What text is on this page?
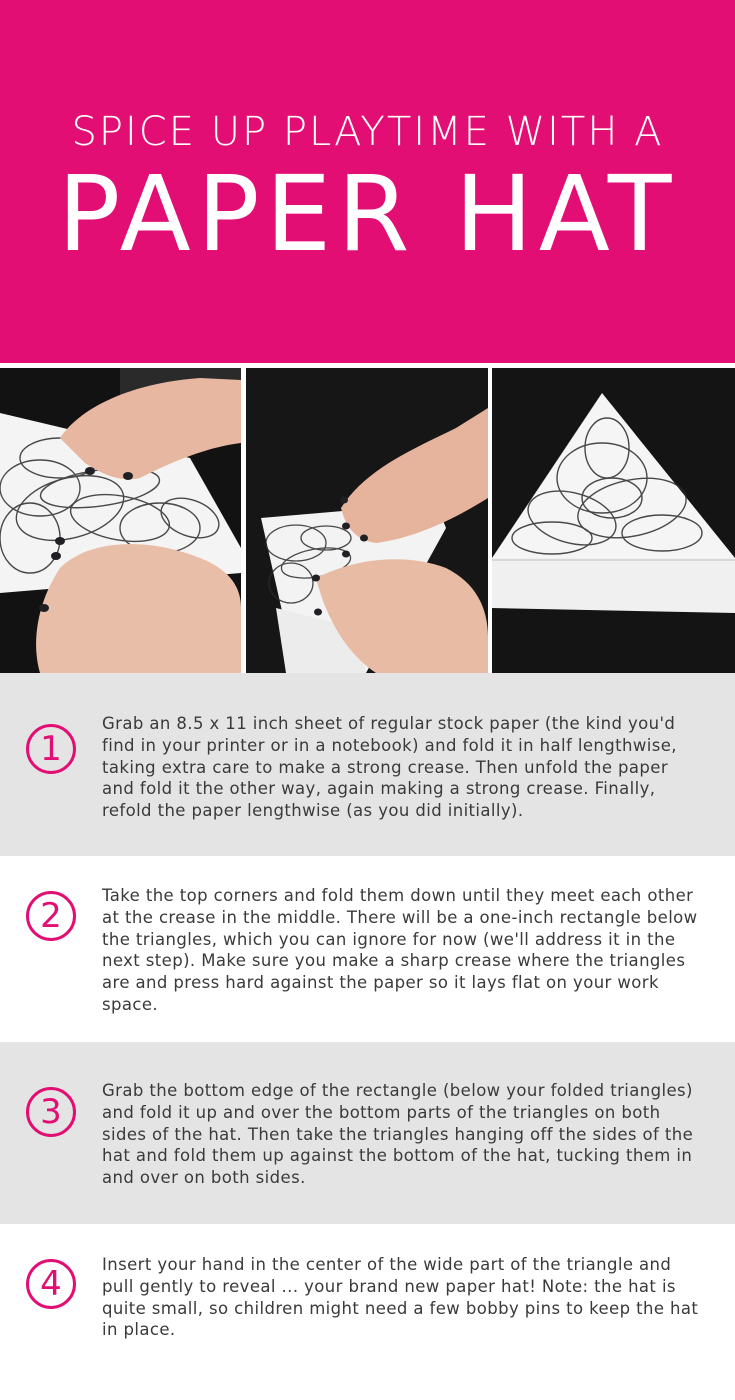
SPICE UP PLAYTIME WITH A
PAPER HAT
1
Grab an 8.5 x 11 inch sheet of regular stock paper (the kind you'd find in your printer or in a notebook) and fold it in half lengthwise, taking extra care to make a strong crease. Then unfold the paper and fold it the other way, again making a strong crease. Finally, refold the paper lengthwise (as you did initially).
2
Take the top corners and fold them down until they meet each other at the crease in the middle. There will be a one-inch rectangle below the triangles, which you can ignore for now (we'll address it in the next step). Make sure you make a sharp crease where the triangles are and press hard against the paper so it lays flat on your work space.
3
Grab the bottom edge of the rectangle (below your folded triangles) and fold it up and over the bottom parts of the triangles on both sides of the hat. Then take the triangles hanging off the sides of the hat and fold them up against the bottom of the hat, tucking them in and over on both sides.
4	Insert your hand in the center of the wide part of the triangle and pull gently to reveal ... your brand new paper hat! Note: the hat is quite small, so children might need a few bobby pins to keep the hat in place.
